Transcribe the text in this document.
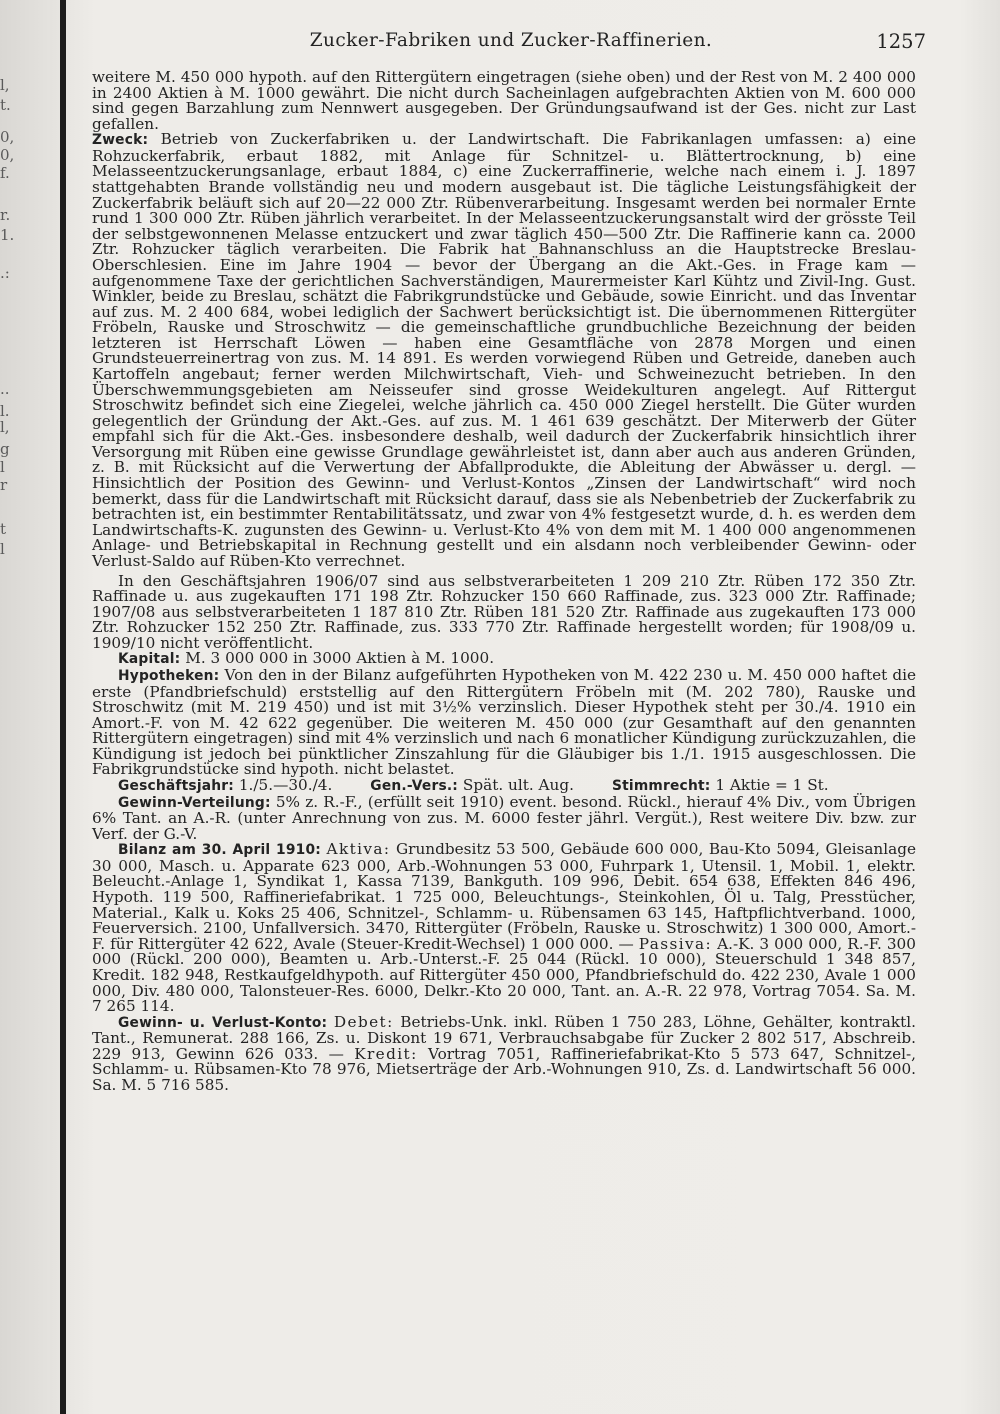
l,
t.
0,
0,
f.
r.
1.
.:
..
l.
l,
g
l
r
t
l
Zucker-Fabriken und Zucker-Raffinerien.	1257

weitere M. 450 000 hypoth. auf den Rittergütern eingetragen (siehe oben) und der Rest von M. 2 400 000 in 2400 Aktien à M. 1000 gewährt. Die nicht durch Sacheinlagen aufgebrachten Aktien von M. 600 000 sind gegen Barzahlung zum Nennwert ausgegeben. Der Gründungsaufwand ist der Ges. nicht zur Last gefallen.

Zweck: Betrieb von Zuckerfabriken u. der Landwirtschaft. Die Fabrikanlagen umfassen: a) eine Rohzuckerfabrik, erbaut 1882, mit Anlage für Schnitzel- u. Blättertrocknung, b) eine Melasseentzuckerungsanlage, erbaut 1884, c) eine Zuckerraffinerie, welche nach einem i. J. 1897 stattgehabten Brande vollständig neu und modern ausgebaut ist. Die tägliche Leistungsfähigkeit der Zuckerfabrik beläuft sich auf 20—22 000 Ztr. Rübenverarbeitung. Insgesamt werden bei normaler Ernte rund 1 300 000 Ztr. Rüben jährlich verarbeitet. In der Melasseentzuckerungsanstalt wird der grösste Teil der selbstgewonnenen Melasse entzuckert und zwar täglich 450—500 Ztr. Die Raffinerie kann ca. 2000 Ztr. Rohzucker täglich verarbeiten. Die Fabrik hat Bahnanschluss an die Hauptstrecke Breslau-Oberschlesien. Eine im Jahre 1904 — bevor der Übergang an die Akt.-Ges. in Frage kam — aufgenommene Taxe der gerichtlichen Sachverständigen, Maurermeister Karl Kühtz und Zivil-Ing. Gust. Winkler, beide zu Breslau, schätzt die Fabrikgrundstücke und Gebäude, sowie Einricht. und das Inventar auf zus. M. 2 400 684, wobei lediglich der Sachwert berücksichtigt ist. Die übernommenen Rittergüter Fröbeln, Rauske und Stroschwitz — die gemeinschaftliche grundbuchliche Bezeichnung der beiden letzteren ist Herrschaft Löwen — haben eine Gesamtfläche von 2878 Morgen und einen Grundsteuerreinertrag von zus. M. 14 891. Es werden vorwiegend Rüben und Getreide, daneben auch Kartoffeln angebaut; ferner werden Milchwirtschaft, Vieh- und Schweinezucht betrieben. In den Überschwemmungsgebieten am Neisseufer sind grosse Weidekulturen angelegt. Auf Rittergut Stroschwitz befindet sich eine Ziegelei, welche jährlich ca. 450 000 Ziegel herstellt. Die Güter wurden gelegentlich der Gründung der Akt.-Ges. auf zus. M. 1 461 639 geschätzt. Der Miterwerb der Güter empfahl sich für die Akt.-Ges. insbesondere deshalb, weil dadurch der Zuckerfabrik hinsichtlich ihrer Versorgung mit Rüben eine gewisse Grundlage gewährleistet ist, dann aber auch aus anderen Gründen, z. B. mit Rücksicht auf die Verwertung der Abfallprodukte, die Ableitung der Abwässer u. dergl. — Hinsichtlich der Position des Gewinn- und Verlust-Kontos „Zinsen der Landwirtschaft“ wird noch bemerkt, dass für die Landwirtschaft mit Rücksicht darauf, dass sie als Nebenbetrieb der Zuckerfabrik zu betrachten ist, ein bestimmter Rentabilitätssatz, und zwar von 4% festgesetzt wurde, d. h. es werden dem Landwirtschafts-K. zugunsten des Gewinn- u. Verlust-Kto 4% von dem mit M. 1 400 000 angenommenen Anlage- und Betriebskapital in Rechnung gestellt und ein alsdann noch verbleibender Gewinn- oder Verlust-Saldo auf Rüben-Kto verrechnet.

In den Geschäftsjahren 1906/07 sind aus selbstverarbeiteten 1 209 210 Ztr. Rüben 172 350 Ztr. Raffinade u. aus zugekauften 171 198 Ztr. Rohzucker 150 660 Raffinade, zus. 323 000 Ztr. Raffinade; 1907/08 aus selbstverarbeiteten 1 187 810 Ztr. Rüben 181 520 Ztr. Raffinade aus zugekauften 173 000 Ztr. Rohzucker 152 250 Ztr. Raffinade, zus. 333 770 Ztr. Raffinade hergestellt worden; für 1908/09 u. 1909/10 nicht veröffentlicht.

Kapital: M. 3 000 000 in 3000 Aktien à M. 1000.

Hypotheken: Von den in der Bilanz aufgeführten Hypotheken von M. 422 230 u. M. 450 000 haftet die erste (Pfandbriefschuld) erststellig auf den Rittergütern Fröbeln mit (M. 202 780), Rauske und Stroschwitz (mit M. 219 450) und ist mit 3½% verzinslich. Dieser Hypothek steht per 30./4. 1910 ein Amort.-F. von M. 42 622 gegenüber. Die weiteren M. 450 000 (zur Gesamthaft auf den genannten Rittergütern eingetragen) sind mit 4% verzinslich und nach 6 monatlicher Kündigung zurückzuzahlen, die Kündigung ist jedoch bei pünktlicher Zinszahlung für die Gläubiger bis 1./1. 1915 ausgeschlossen. Die Fabrikgrundstücke sind hypoth. nicht belastet.

Geschäftsjahr: 1./5.—30./4.	Gen.-Vers.: Spät. ult. Aug.	Stimmrecht: 1 Aktie = 1 St.

Gewinn-Verteilung: 5% z. R.-F., (erfüllt seit 1910) event. besond. Rückl., hierauf 4% Div., vom Übrigen 6% Tant. an A.-R. (unter Anrechnung von zus. M. 6000 fester jährl. Vergüt.), Rest weitere Div. bzw. zur Verf. der G.-V.

Bilanz am 30. April 1910: Aktiva: Grundbesitz 53 500, Gebäude 600 000, Bau-Kto 5094, Gleisanlage 30 000, Masch. u. Apparate 623 000, Arb.-Wohnungen 53 000, Fuhrpark 1, Utensil. 1, Mobil. 1, elektr. Beleucht.-Anlage 1, Syndikat 1, Kassa 7139, Bankguth. 109 996, Debit. 654 638, Effekten 846 496, Hypoth. 119 500, Raffineriefabrikat. 1 725 000, Beleuchtungs-, Steinkohlen, Öl u. Talg, Presstücher, Material., Kalk u. Koks 25 406, Schnitzel-, Schlamm- u. Rübensamen 63 145, Haftpflichtverband. 1000, Feuerversich. 2100, Unfallversich. 3470, Rittergüter (Fröbeln, Rauske u. Stroschwitz) 1 300 000, Amort.-F. für Rittergüter 42 622, Avale (Steuer-Kredit-Wechsel) 1 000 000. — Passiva: A.-K. 3 000 000, R.-F. 300 000 (Rückl. 200 000), Beamten u. Arb.-Unterst.-F. 25 044 (Rückl. 10 000), Steuerschuld 1 348 857, Kredit. 182 948, Restkaufgeldhypoth. auf Rittergüter 450 000, Pfandbriefschuld do. 422 230, Avale 1 000 000, Div. 480 000, Talonsteuer-Res. 6000, Delkr.-Kto 20 000, Tant. an. A.-R. 22 978, Vortrag 7054. Sa. M. 7 265 114.

Gewinn- u. Verlust-Konto: Debet: Betriebs-Unk. inkl. Rüben 1 750 283, Löhne, Gehälter, kontraktl. Tant., Remunerat. 288 166, Zs. u. Diskont 19 671, Verbrauchsabgabe für Zucker 2 802 517, Abschreib. 229 913, Gewinn 626 033. — Kredit: Vortrag 7051, Raffineriefabrikat-Kto 5 573 647, Schnitzel-, Schlamm- u. Rübsamen-Kto 78 976, Mietserträge der Arb.-Wohnungen 910, Zs. d. Landwirtschaft 56 000. Sa. M. 5 716 585.
